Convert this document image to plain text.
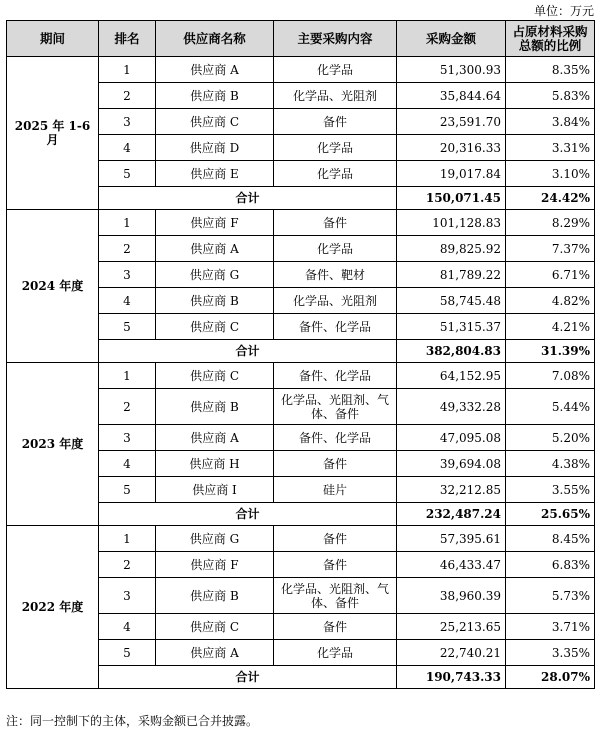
单位：万元
期间	排名	供应商名称	主要采购内容	采购金额	占原材料采购总额的比例
2025 年 1-6 月	1	供应商 A	化学品	51,300.93	8.35%
	2	供应商 B	化学品、光阻剂	35,844.64	5.83%
	3	供应商 C	备件	23,591.70	3.84%
	4	供应商 D	化学品	20,316.33	3.31%
	5	供应商 E	化学品	19,017.84	3.10%
	合计			150,071.45	24.42%
2024 年度	1	供应商 F	备件	101,128.83	8.29%
	2	供应商 A	化学品	89,825.92	7.37%
	3	供应商 G	备件、靶材	81,789.22	6.71%
	4	供应商 B	化学品、光阻剂	58,745.48	4.82%
	5	供应商 C	备件、化学品	51,315.37	4.21%
	合计			382,804.83	31.39%
2023 年度	1	供应商 C	备件、化学品	64,152.95	7.08%
	2	供应商 B	化学品、光阻剂、气体、备件	49,332.28	5.44%
	3	供应商 A	备件、化学品	47,095.08	5.20%
	4	供应商 H	备件	39,694.08	4.38%
	5	供应商 I	硅片	32,212.85	3.55%
	合计			232,487.24	25.65%
2022 年度	1	供应商 G	备件	57,395.61	8.45%
	2	供应商 F	备件	46,433.47	6.83%
	3	供应商 B	化学品、光阻剂、气体、备件	38,960.39	5.73%
	4	供应商 C	备件	25,213.65	3.71%
	5	供应商 A	化学品	22,740.21	3.35%
	合计			190,743.33	28.07%
注：同一控制下的主体，采购金额已合并披露。
